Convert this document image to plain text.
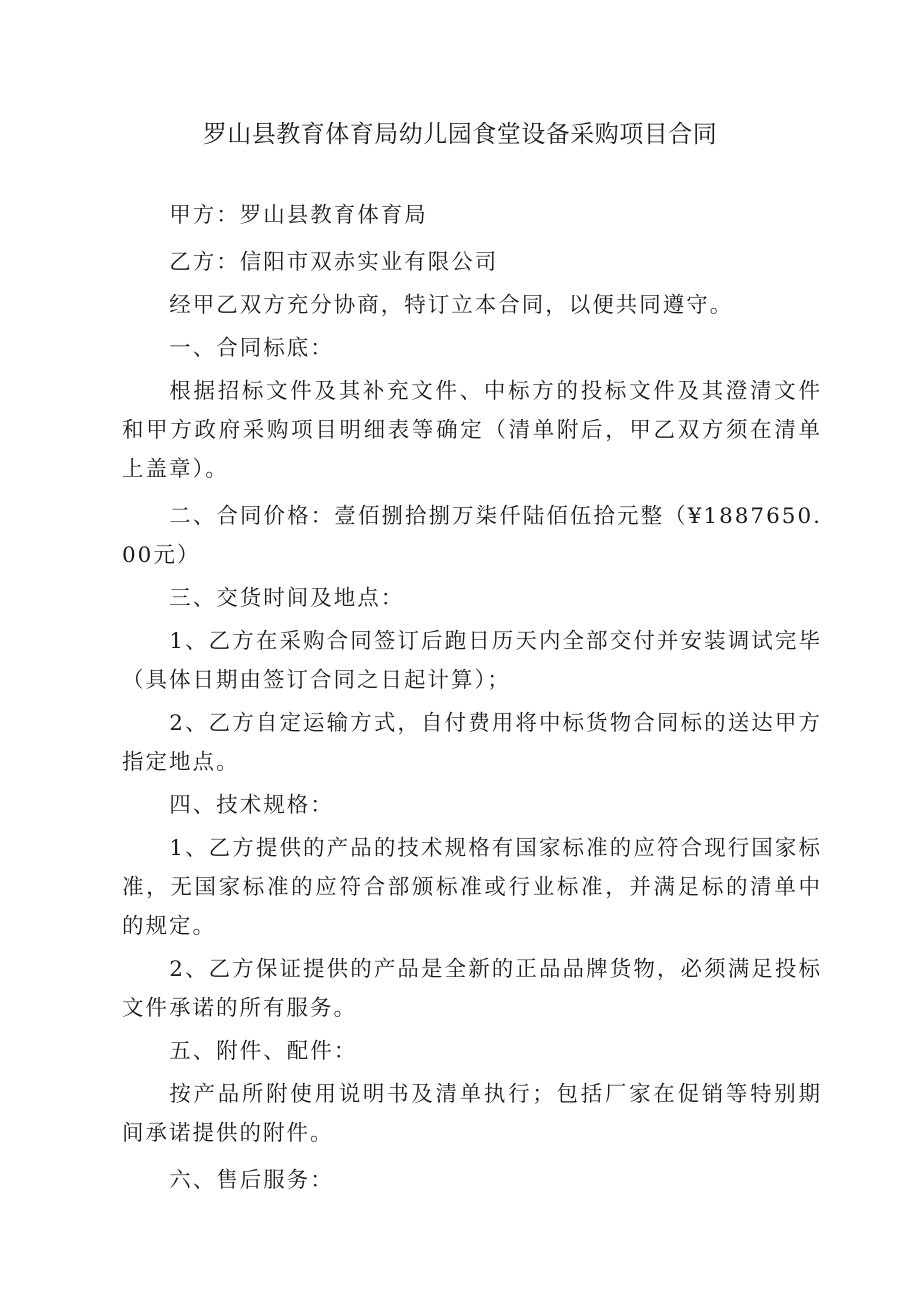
罗山县教育体育局幼儿园食堂设备采购项目合同

甲方：罗山县教育体育局

乙方：信阳市双赤实业有限公司

经甲乙双方充分协商，特订立本合同，以便共同遵守。

一、合同标底：

根据招标文件及其补充文件、中标方的投标文件及其澄清文件和甲方政府采购项目明细表等确定（清单附后，甲乙双方须在清单上盖章）。

二、合同价格：壹佰捌拾捌万柒仟陆佰伍拾元整（¥1887650.00元）

三、交货时间及地点：

1、乙方在采购合同签订后跑日历天内全部交付并安装调试完毕（具体日期由签订合同之日起计算）；

2、乙方自定运输方式，自付费用将中标货物合同标的送达甲方指定地点。

四、技术规格：

1、乙方提供的产品的技术规格有国家标准的应符合现行国家标准，无国家标准的应符合部颁标准或行业标准，并满足标的清单中的规定。

2、乙方保证提供的产品是全新的正品品牌货物，必须满足投标文件承诺的所有服务。

五、附件、配件：

按产品所附使用说明书及清单执行；包括厂家在促销等特别期间承诺提供的附件。

六、售后服务：
